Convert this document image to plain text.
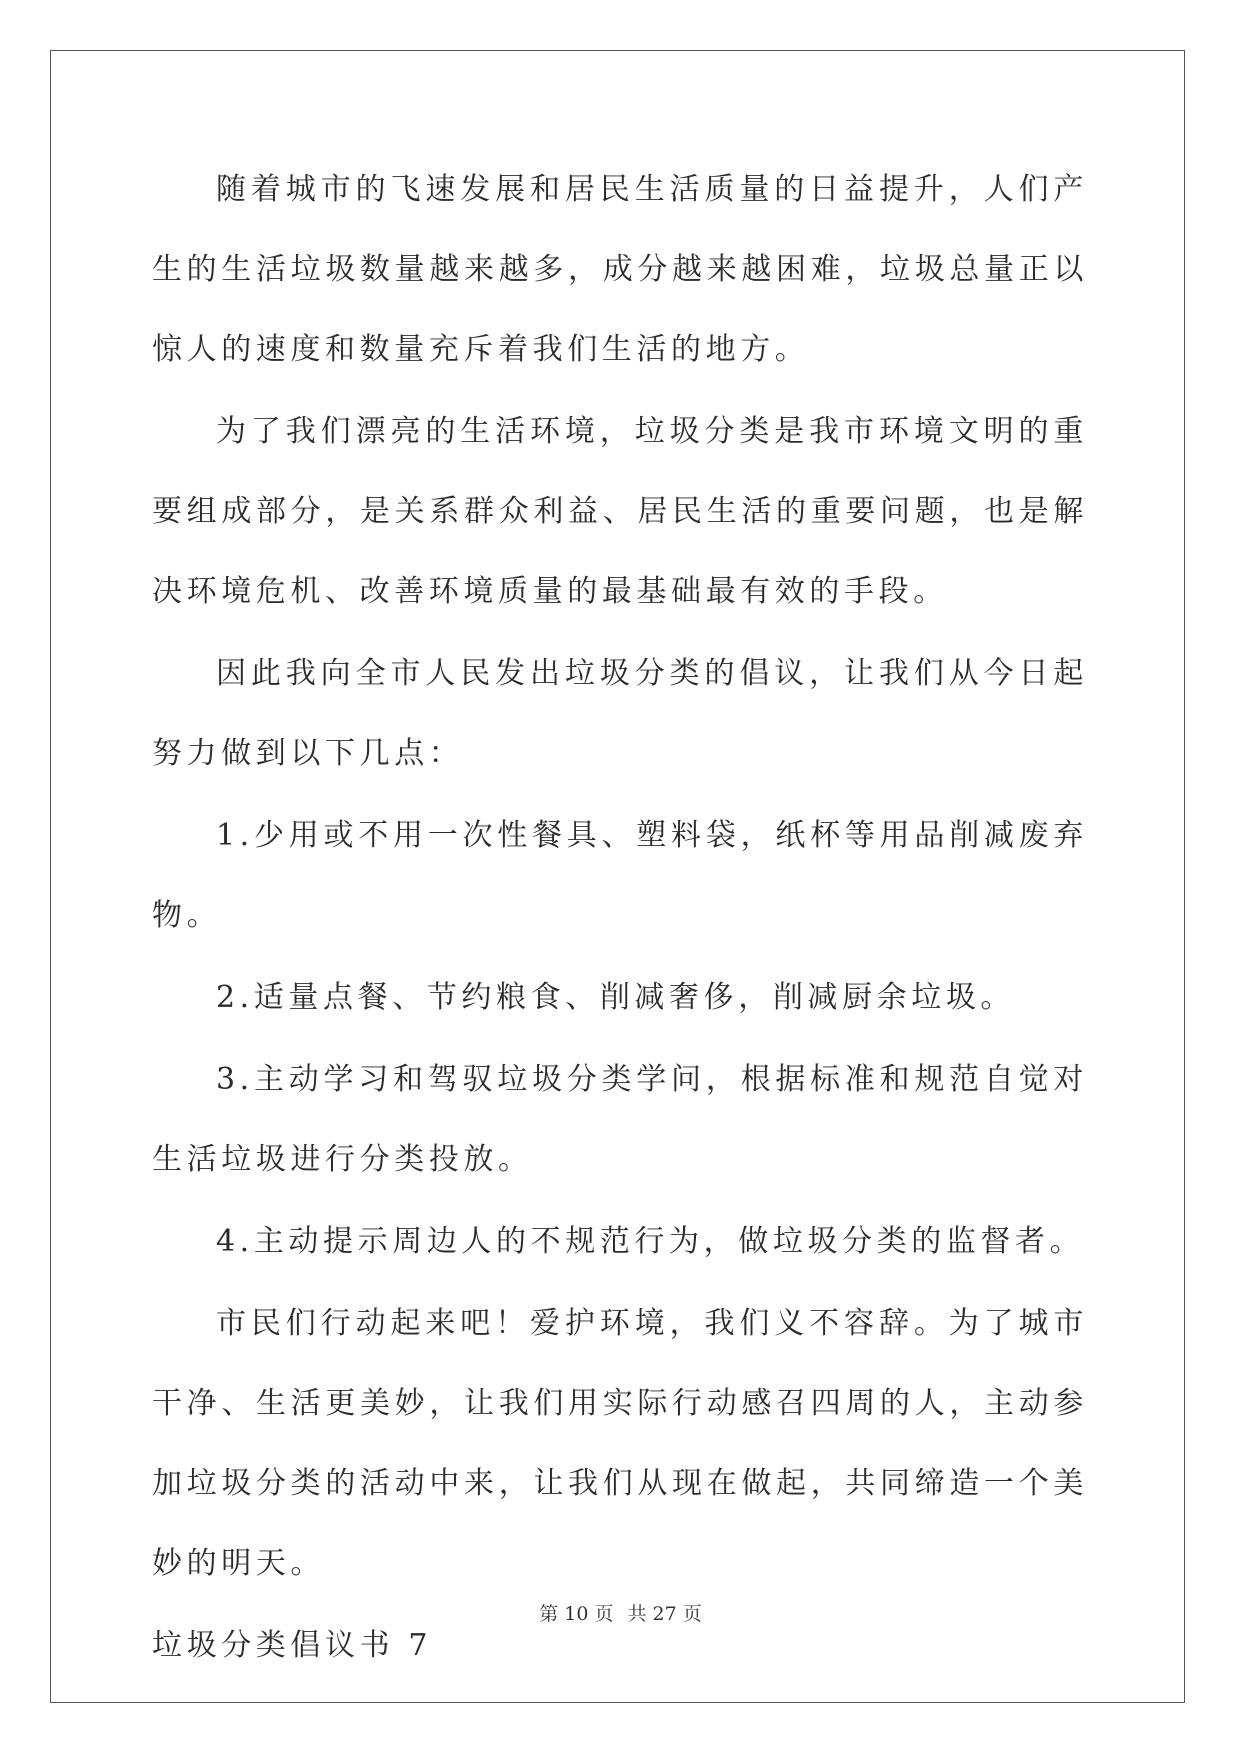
随着城市的飞速发展和居民生活质量的日益提升，人们产生的生活垃圾数量越来越多，成分越来越困难，垃圾总量正以惊人的速度和数量充斥着我们生活的地方。

为了我们漂亮的生活环境，垃圾分类是我市环境文明的重要组成部分，是关系群众利益、居民生活的重要问题，也是解决环境危机、改善环境质量的最基础最有效的手段。

因此我向全市人民发出垃圾分类的倡议，让我们从今日起努力做到以下几点：

1.少用或不用一次性餐具、塑料袋，纸杯等用品削减废弃物。

2.适量点餐、节约粮食、削减奢侈，削减厨余垃圾。

3.主动学习和驾驭垃圾分类学问，根据标准和规范自觉对生活垃圾进行分类投放。

4.主动提示周边人的不规范行为，做垃圾分类的监督者。

市民们行动起来吧！爱护环境，我们义不容辞。为了城市干净、生活更美妙，让我们用实际行动感召四周的人，主动参加垃圾分类的活动中来，让我们从现在做起，共同缔造一个美妙的明天。

垃圾分类倡议书 7

第 10 页 共 27 页
